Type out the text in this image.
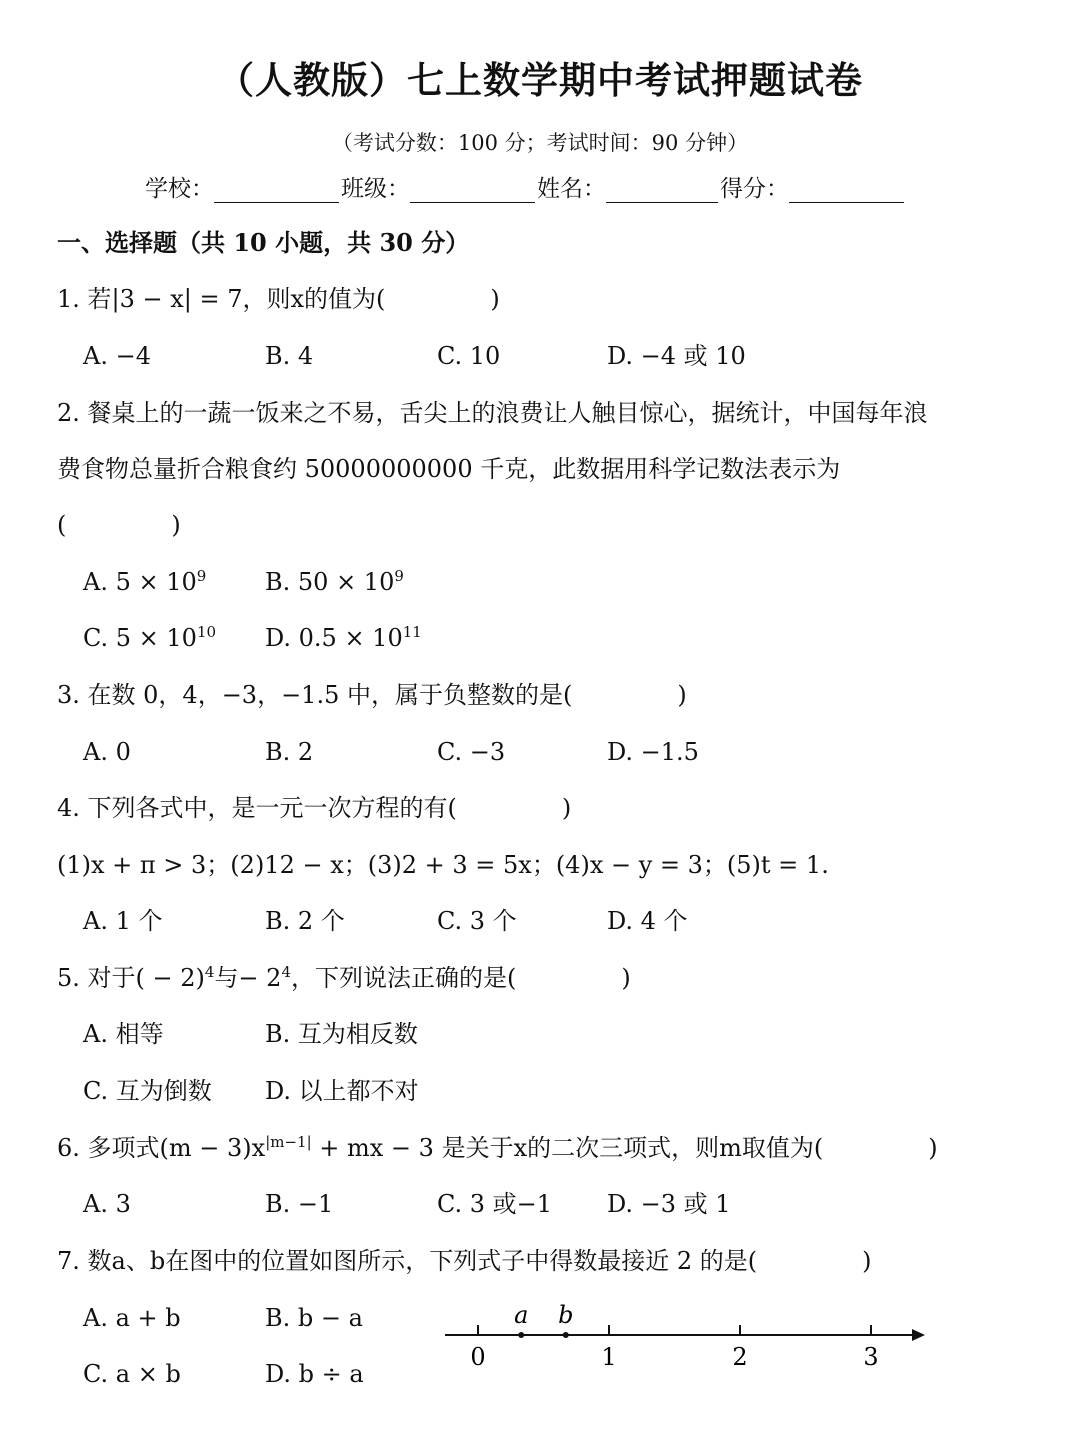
（人教版）七上数学期中考试押题试卷
（考试分数：100 分；考试时间：90 分钟）
学校：	班级：	姓名：	得分：
一、选择题（共 10 小题，共 30 分）
1. 若|3 − x| = 7，则x的值为(	)
A. −4	B. 4	C. 10	D. −4 或 10
2. 餐桌上的一蔬一饭来之不易，舌尖上的浪费让人触目惊心，据统计，中国每年浪
费食物总量折合粮食约 50000000000 千克，此数据用科学记数法表示为
(	)
A. $5 \times 10^9$ B. $50 \times 10^9$
C. $5 \times 10^{10}$ D. $0.5 \times 10^{11}$
3. 在数 0，4，−3，−1.5 中，属于负整数的是(	)
A. 0	B. 2	C. −3	D. −1.5
4. 下列各式中，是一元一次方程的有(	)
(1)x + π > 3；(2)12 − x；(3)2 + 3 = 5x；(4)x − y = 3；(5)t = 1.
A. 1 个	B. 2 个	C. 3 个	D. 4 个
5. 对于( − 2)$^4$与− $2^4$，下列说法正确的是(	)
A. 相等	B. 互为相反数
C. 互为倒数 D. 以上都不对
6. 多项式$(m - 3)x^{|m-1|}$ + mx − 3 是关于x的二次三项式，则m取值为(	)
A. 3	B. −1	C. 3 或−1 D. −3 或 1
7. 数a、b在图中的位置如图所示，下列式子中得数最接近 2 的是(	)
A. a + b	B. b − a
C. a × b	D. b ÷ a
0	1	2	3
a b
